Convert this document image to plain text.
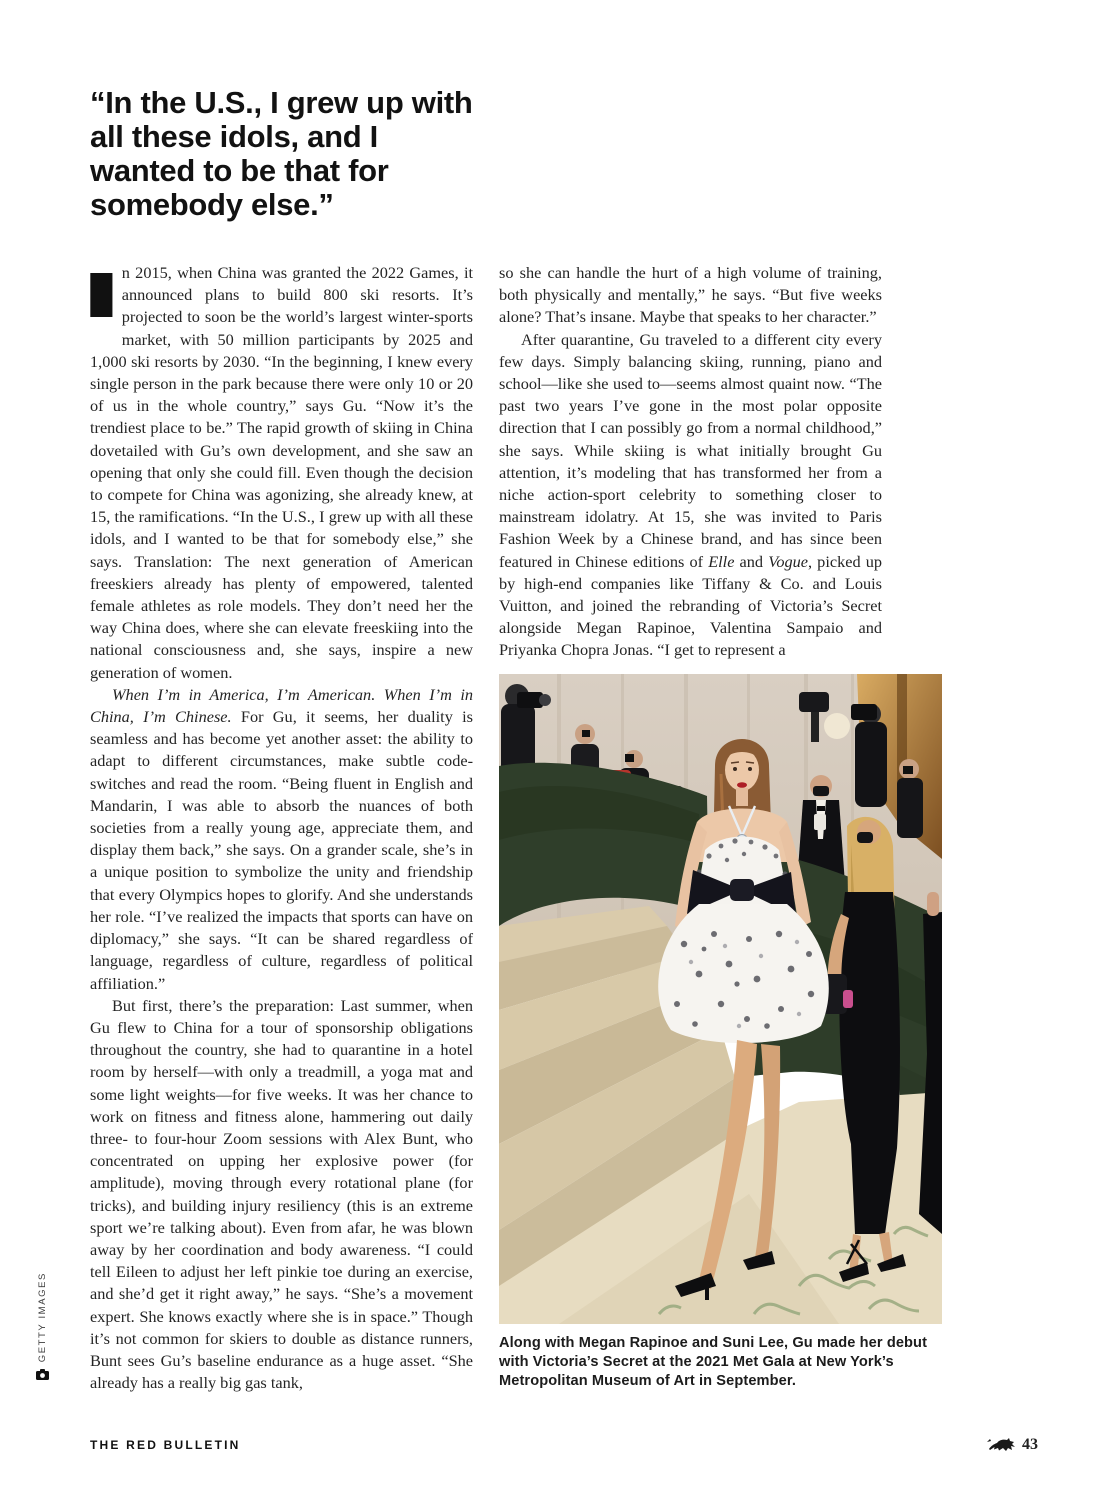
“In the U.S., I grew up with all these idols, and I wanted to be that for somebody else.”

In 2015, when China was granted the 2022 Games, it announced plans to build 800 ski resorts. It’s projected to soon be the world’s largest winter-sports market, with 50 million participants by 2025 and 1,000 ski resorts by 2030. “In the beginning, I knew every single person in the park because there were only 10 or 20 of us in the whole country,” says Gu. “Now it’s the trendiest place to be.” The rapid growth of skiing in China dovetailed with Gu’s own development, and she saw an opening that only she could fill. Even though the decision to compete for China was agonizing, she already knew, at 15, the ramifications. “In the U.S., I grew up with all these idols, and I wanted to be that for somebody else,” she says. Translation: The next generation of American freeskiers already has plenty of empowered, talented female athletes as role models. They don’t need her the way China does, where she can elevate freeskiing into the national consciousness and, she says, inspire a new generation of women.

When I’m in America, I’m American. When I’m in China, I’m Chinese. For Gu, it seems, her duality is seamless and has become yet another asset: the ability to adapt to different circumstances, make subtle code-switches and read the room. “Being fluent in English and Mandarin, I was able to absorb the nuances of both societies from a really young age, appreciate them, and display them back,” she says. On a grander scale, she’s in a unique position to symbolize the unity and friendship that every Olympics hopes to glorify. And she understands her role. “I’ve realized the impacts that sports can have on diplomacy,” she says. “It can be shared regardless of language, regardless of culture, regardless of political affiliation.”

But first, there’s the preparation: Last summer, when Gu flew to China for a tour of sponsorship obligations throughout the country, she had to quarantine in a hotel room by herself—with only a treadmill, a yoga mat and some light weights—for five weeks. It was her chance to work on fitness and fitness alone, hammering out daily three- to four-hour Zoom sessions with Alex Bunt, who concentrated on upping her explosive power (for amplitude), moving through every rotational plane (for tricks), and building injury resiliency (this is an extreme sport we’re talking about). Even from afar, he was blown away by her coordination and body awareness. “I could tell Eileen to adjust her left pinkie toe during an exercise, and she’d get it right away,” he says. “She’s a movement expert. She knows exactly where she is in space.” Though it’s not common for skiers to double as distance runners, Bunt sees Gu’s baseline endurance as a huge asset. “She already has a really big gas tank,

so she can handle the hurt of a high volume of training, both physically and mentally,” he says. “But five weeks alone? That’s insane. Maybe that speaks to her character.”

After quarantine, Gu traveled to a different city every few days. Simply balancing skiing, running, piano and school—like she used to—seems almost quaint now. “The past two years I’ve gone in the most polar opposite direction that I can possibly go from a normal childhood,” she says. While skiing is what initially brought Gu attention, it’s modeling that has transformed her from a niche action-sport celebrity to something closer to mainstream idolatry. At 15, she was invited to Paris Fashion Week by a Chinese brand, and has since been featured in Chinese editions of Elle and Vogue, picked up by high-end companies like Tiffany & Co. and Louis Vuitton, and joined the rebranding of Victoria’s Secret alongside Megan Rapinoe, Valentina Sampaio and Priyanka Chopra Jonas. “I get to represent a

Along with Megan Rapinoe and Suni Lee, Gu made her debut with Victoria’s Secret at the 2021 Met Gala at New York’s Metropolitan Museum of Art in September.
GETTY IMAGES
THE RED BULLETIN	43
